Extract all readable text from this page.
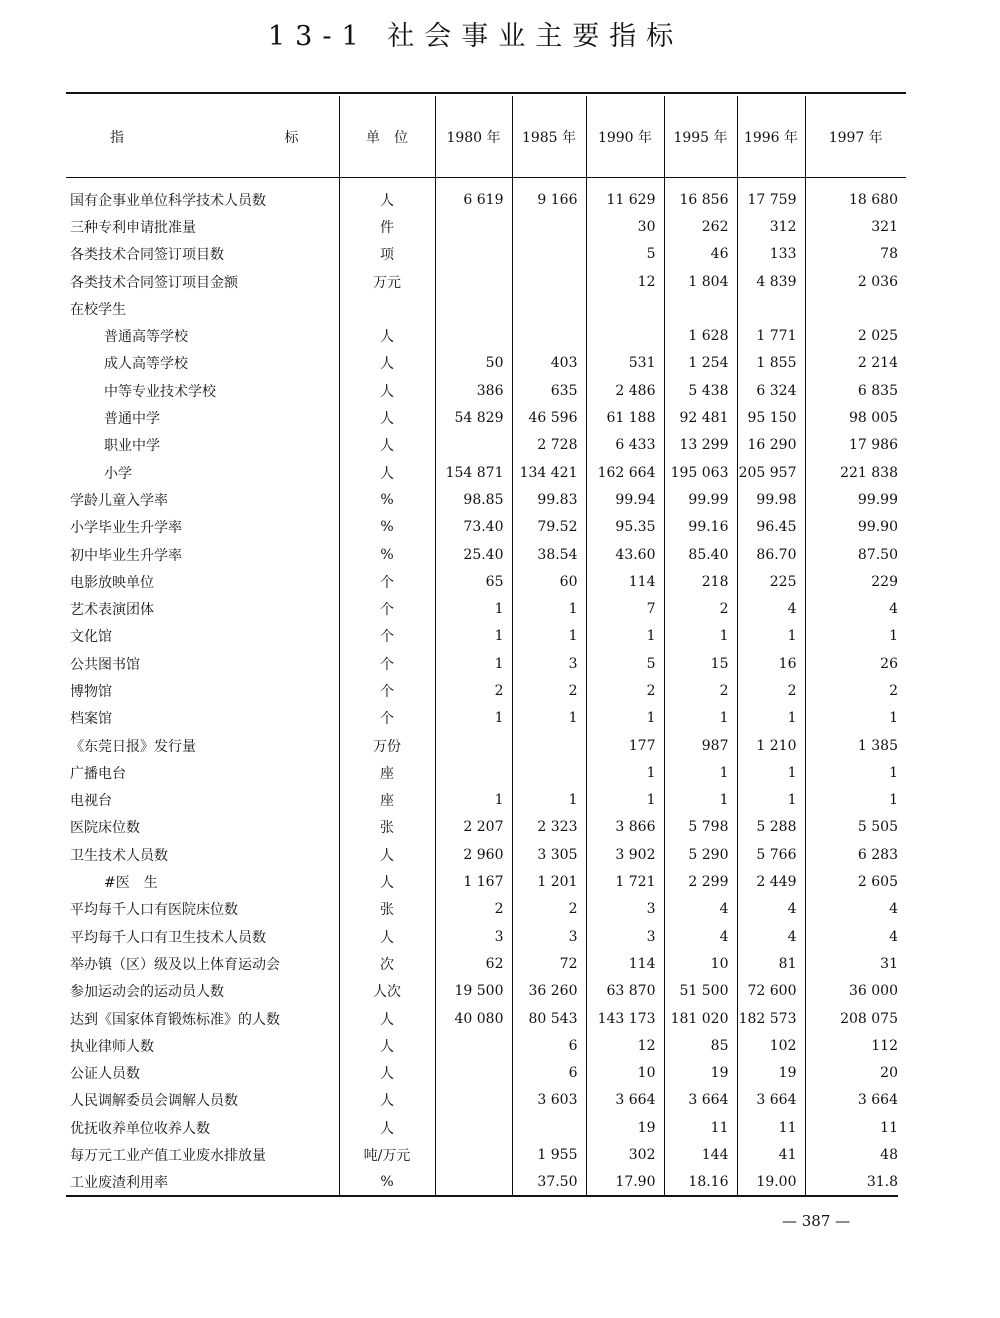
13-1 社会事业主要指标
指 标	单　位	1980 年	1985 年	1990 年	1995 年	1996 年	1997 年
国有企事业单位科学技术人员数	人	6 619	9 166	11 629	16 856	17 759	18 680
三种专利申请批准量	件			30	262	312	321
各类技术合同签订项目数	项			5	46	133	78
各类技术合同签订项目金额	万元			12	1 804	4 839	2 036
在校学生							
普通高等学校	人				1 628	1 771	2 025
成人高等学校	人	50	403	531	1 254	1 855	2 214
中等专业技术学校	人	386	635	2 486	5 438	6 324	6 835
普通中学	人	54 829	46 596	61 188	92 481	95 150	98 005
职业中学	人		2 728	6 433	13 299	16 290	17 986
小学	人	154 871	134 421	162 664	195 063	205 957	221 838
学龄儿童入学率	%	98.85	99.83	99.94	99.99	99.98	99.99
小学毕业生升学率	%	73.40	79.52	95.35	99.16	96.45	99.90
初中毕业生升学率	%	25.40	38.54	43.60	85.40	86.70	87.50
电影放映单位	个	65	60	114	218	225	229
艺术表演团体	个	1	1	7	2	4	4
文化馆	个	1	1	1	1	1	1
公共图书馆	个	1	3	5	15	16	26
博物馆	个	2	2	2	2	2	2
档案馆	个	1	1	1	1	1	1
《东莞日报》发行量	万份			177	987	1 210	1 385
广播电台	座			1	1	1	1
电视台	座	1	1	1	1	1	1
医院床位数	张	2 207	2 323	3 866	5 798	5 288	5 505
卫生技术人员数	人	2 960	3 305	3 902	5 290	5 766	6 283
#医　生	人	1 167	1 201	1 721	2 299	2 449	2 605
平均每千人口有医院床位数	张	2	2	3	4	4	4
平均每千人口有卫生技术人员数	人	3	3	3	4	4	4
举办镇（区）级及以上体育运动会	次	62	72	114	10	81	31
参加运动会的运动员人数	人次	19 500	36 260	63 870	51 500	72 600	36 000
达到《国家体育锻炼标准》的人数	人	40 080	80 543	143 173	181 020	182 573	208 075
执业律师人数	人		6	12	85	102	112
公证人员数	人		6	10	19	19	20
人民调解委员会调解人员数	人		3 603	3 664	3 664	3 664	3 664
优抚收养单位收养人数	人			19	11	11	11
每万元工业产值工业废水排放量	吨/万元		1 955	302	144	41	48
工业废渣利用率	%		37.50	17.90	18.16	19.00	31.8
— 387 —
